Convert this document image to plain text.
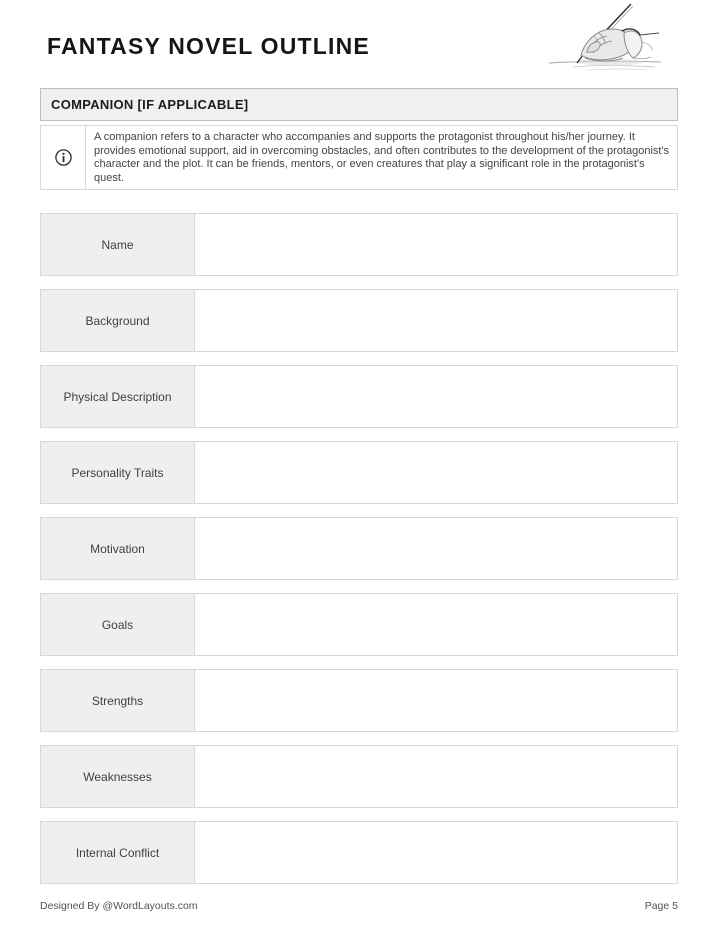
FANTASY NOVEL OUTLINE
COMPANION [IF APPLICABLE]
A companion refers to a character who accompanies and supports the protagonist throughout his/her journey. It provides emotional support, aid in overcoming obstacles, and often contributes to the development of the protagonist's character and the plot. It can be friends, mentors, or even creatures that play a significant role in the protagonist's quest.
Name
Background
Physical Description
Personality Traits
Motivation
Goals
Strengths
Weaknesses
Internal Conflict
Designed By @WordLayouts.com	Page 5
